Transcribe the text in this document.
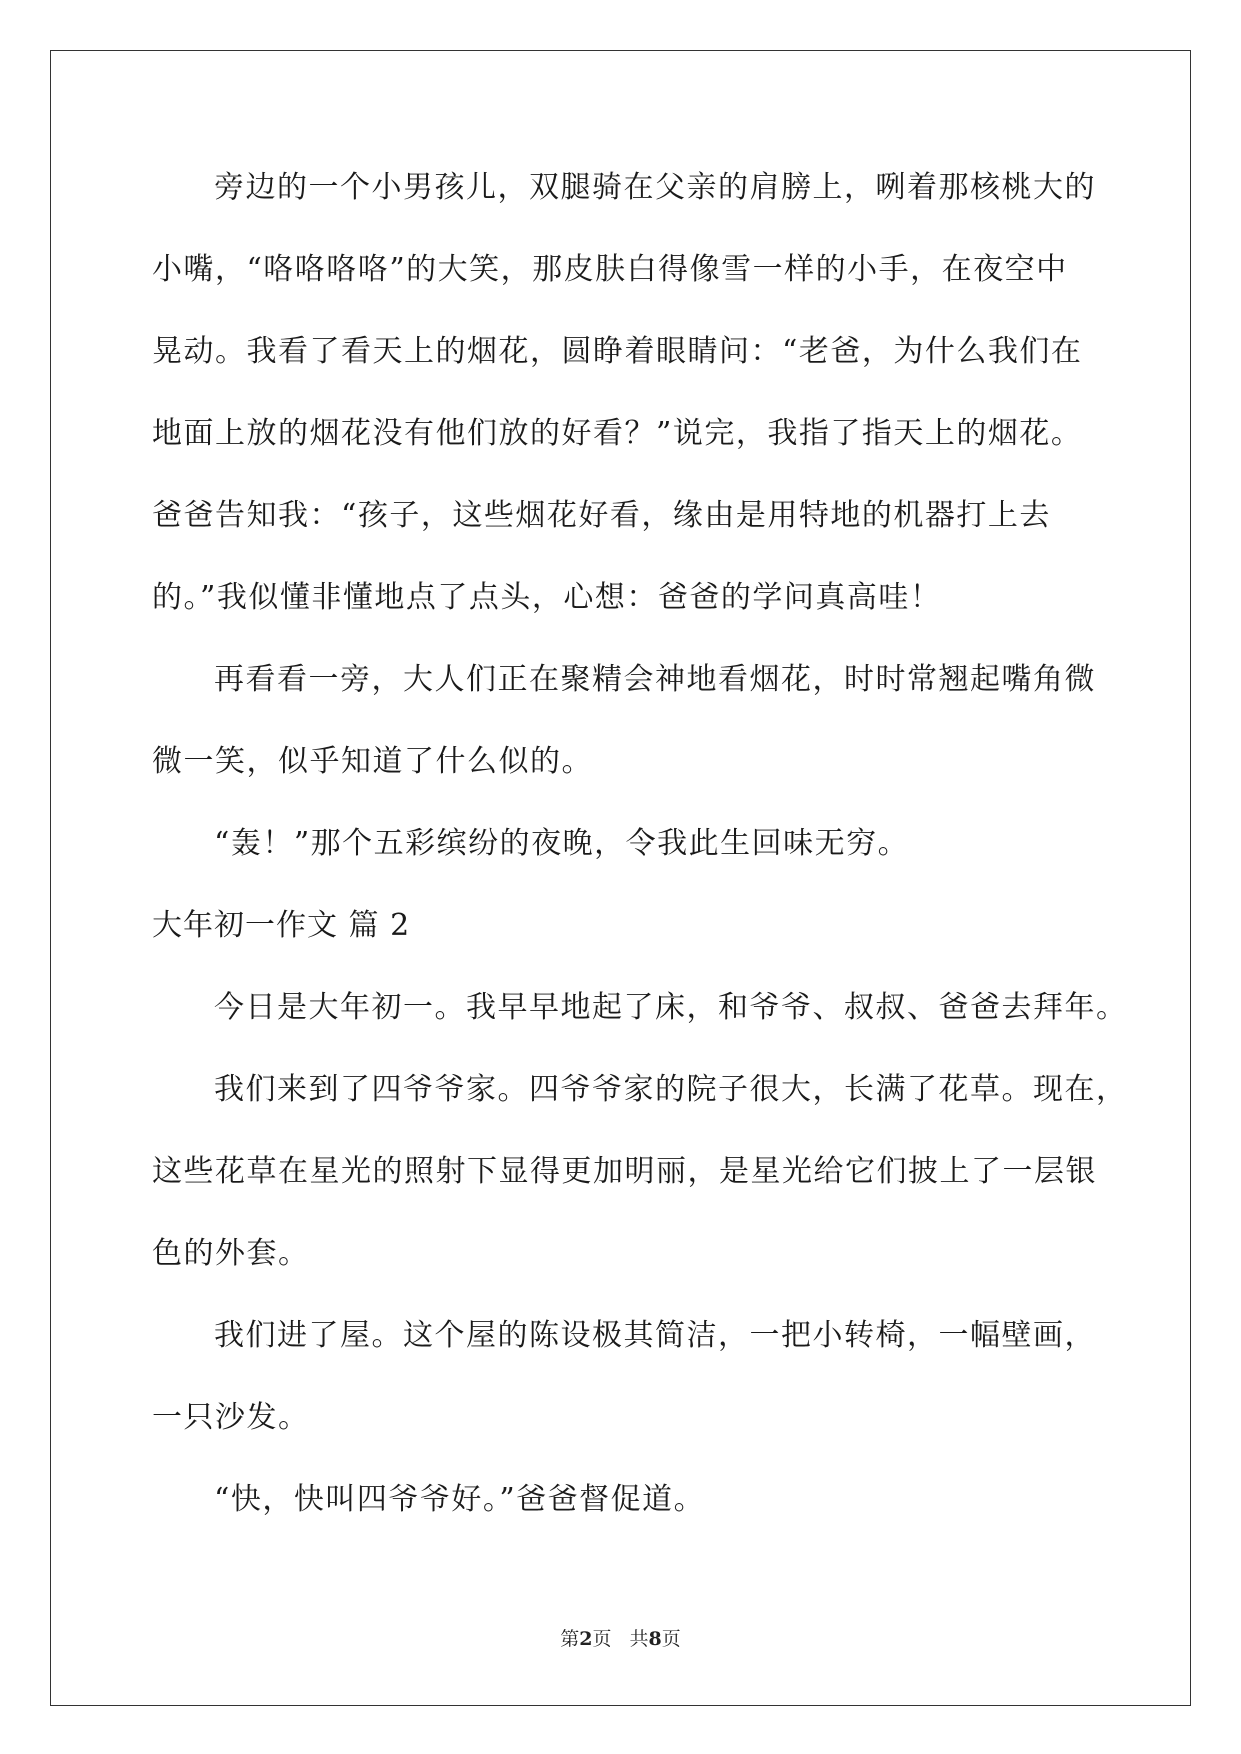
旁边的一个小男孩儿，双腿骑在父亲的肩膀上，咧着那核桃大的
小嘴，“咯咯咯咯”的大笑，那皮肤白得像雪一样的小手，在夜空中
晃动。我看了看天上的烟花，圆睁着眼睛问：“老爸，为什么我们在
地面上放的烟花没有他们放的好看？”说完，我指了指天上的烟花。
爸爸告知我：“孩子，这些烟花好看，缘由是用特地的机器打上去
的。”我似懂非懂地点了点头，心想：爸爸的学问真高哇！
再看看一旁，大人们正在聚精会神地看烟花，时时常翘起嘴角微
微一笑，似乎知道了什么似的。
“轰！”那个五彩缤纷的夜晚，令我此生回味无穷。
大年初一作文 篇 2
今日是大年初一。我早早地起了床，和爷爷、叔叔、爸爸去拜年。
我们来到了四爷爷家。四爷爷家的院子很大，长满了花草。现在，
这些花草在星光的照射下显得更加明丽，是星光给它们披上了一层银
色的外套。
我们进了屋。这个屋的陈设极其简洁，一把小转椅，一幅壁画，
一只沙发。
“快，快叫四爷爷好。”爸爸督促道。
第2页 共8页
